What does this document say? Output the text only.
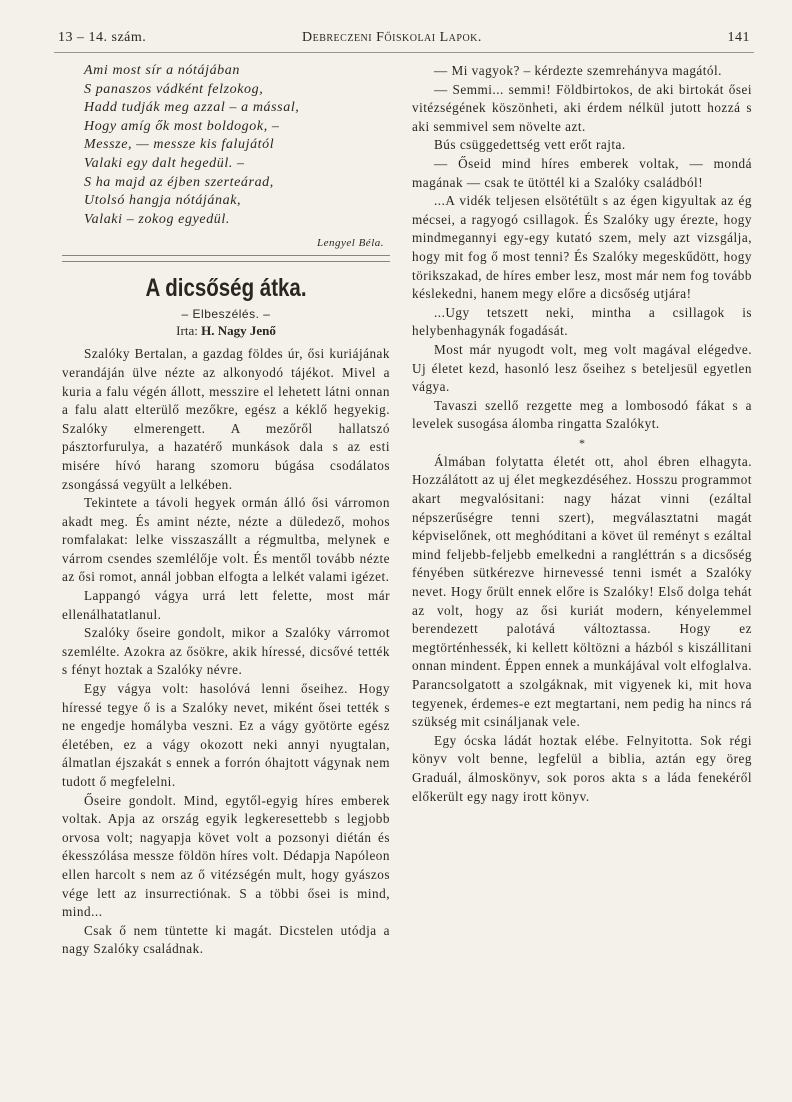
13 – 14. szám.	Debreczeni Főiskolai Lapok.	141

Ami most sír a nótájában

S panaszos vádként felzokog,

Hadd tudják meg azzal – a mással,

Hogy amíg ők most boldogok, –

Messze, — messze kis falujától

Valaki egy dalt hegedül. –

S ha majd az éjben szerteárad,

Utolsó hangja nótájának,

Valaki – zokog egyedül.

Lengyel Béla.
A dicsőség átka.
– Elbeszélés. –
Irta: H. Nagy Jenő

Szalóky Bertalan, a gazdag földes úr, ősi kuriájának verandáján ülve nézte az alkonyodó tájékot. Mivel a kuria a falu végén állott, messzire el lehetett látni onnan a falu alatt elterülő mezőkre, egész a kéklő hegyekig. Szalóky elmerengett. A mezőről hallatszó pásztorfurulya, a hazatérő munkások dala s az esti misére hívó harang szomoru búgása csodálatos zsongássá vegyült a lelkében.

Tekintete a távoli hegyek ormán álló ősi várromon akadt meg. És amint nézte, nézte a düledező, mohos romfalakat: lelke visszaszállt a régmultba, melynek e várrom csendes szemlélője volt. És mentől tovább nézte az ősi romot, annál jobban elfogta a lelkét valami igézet.

Lappangó vágya urrá lett felette, most már ellenálhatatlanul.

Szalóky őseire gondolt, mikor a Szalóky várromot szemlélte. Azokra az ősökre, akik híressé, dicsővé tették s fényt hoztak a Szalóky névre.

Egy vágya volt: hasolóvá lenni őseihez. Hogy híressé tegye ő is a Szalóky nevet, miként ősei tették s ne engedje homályba veszni. Ez a vágy gyötörte egész életében, ez a vágy okozott neki annyi nyugtalan, álmatlan éjszakát s ennek a forrón óhajtott vágynak nem tudott ő megfelelni.

Őseire gondolt. Mind, egytől-egyig híres emberek voltak. Apja az ország egyik legkeresettebb s legjobb orvosa volt; nagyapja követ volt a pozsonyi diétán és ékesszólása messze földön híres volt. Dédapja Napóleon ellen harcolt s nem az ő vitézségén mult, hogy gyászos vége lett az insurrectiónak. S a többi ősei is mind, mind...

Csak ő nem tüntette ki magát. Dicstelen utódja a nagy Szalóky családnak.

— Mi vagyok? – kérdezte szemrehányva magától.

— Semmi... semmi! Földbirtokos, de aki birtokát ősei vitézségének köszönheti, aki érdem nélkül jutott hozzá s aki semmivel sem növelte azt.

Bús csüggedettség vett erőt rajta.

— Őseid mind híres emberek voltak, — mondá magának — csak te ütöttél ki a Szalóky családból!

...A vidék teljesen elsötétült s az égen kigyultak az ég mécsei, a ragyogó csillagok. És Szalóky ugy érezte, hogy mindmegannyi egy-egy kutató szem, mely azt vizsgálja, hogy mit fog ő most tenni? És Szalóky megeskűdött, hogy törikszakad, de híres ember lesz, most már nem fog tovább késlekedni, hanem megy előre a dicsőség utjára!

...Ugy tetszett neki, mintha a csillagok is helybenhagynák fogadását.

Most már nyugodt volt, meg volt magával elégedve. Uj életet kezd, hasonló lesz őseihez s beteljesül egyetlen vágya.

Tavaszi szellő rezgette meg a lombosodó fákat s a levelek susogása álomba ringatta Szalókyt.

*

Álmában folytatta életét ott, ahol ébren elhagyta. Hozzálátott az uj élet megkezdéséhez. Hosszu programmot akart megvalósitani: nagy házat vinni (ezáltal népszerűségre tenni szert), megválasztatni magát képviselőnek, ott meghóditani a követ ül reményt s ezáltal mind feljebb-feljebb emelkedni a rangléttrán s a dicsőség fényében sütkérezve hirnevessé tenni ismét a Szalóky nevet. Hogy őrült ennek előre is Szalóky! Első dolga tehát az volt, hogy az ősi kuriát modern, kényelemmel berendezett palotává változtassa. Hogy ez megtörténhessék, ki kellett költözni a házból s kiszállitani onnan mindent. Éppen ennek a munkájával volt elfoglalva. Parancsolgatott a szolgáknak, mit vigyenek ki, mit hova tegyenek, érdemes-e ezt megtartani, nem pedig ha nincs rá szükség mit csináljanak vele.

Egy ócska ládát hoztak elébe. Felnyitotta. Sok régi könyv volt benne, legfelül a biblia, aztán egy öreg Graduál, álmoskönyv, sok poros akta s a láda fenekéről előkerült egy nagy irott könyv.
